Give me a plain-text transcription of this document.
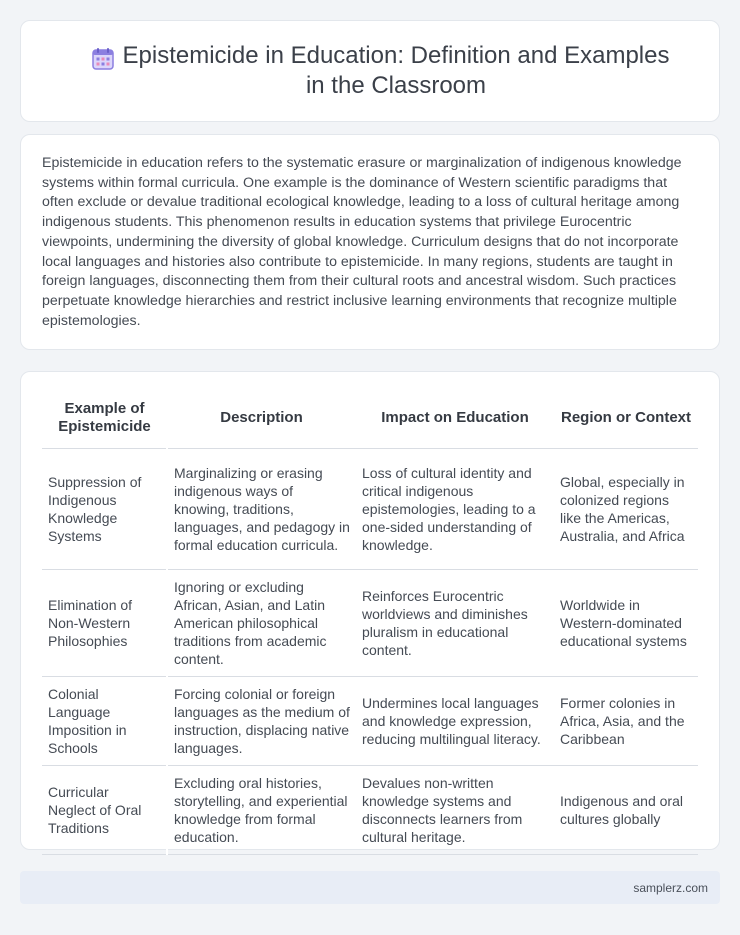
Epistemicide in Education: Definition and Examples in the Classroom

Epistemicide in education refers to the systematic erasure or marginalization of indigenous knowledge systems within formal curricula. One example is the dominance of Western scientific paradigms that often exclude or devalue traditional ecological knowledge, leading to a loss of cultural heritage among indigenous students. This phenomenon results in education systems that privilege Eurocentric viewpoints, undermining the diversity of global knowledge. Curriculum designs that do not incorporate local languages and histories also contribute to epistemicide. In many regions, students are taught in foreign languages, disconnecting them from their cultural roots and ancestral wisdom. Such practices perpetuate knowledge hierarchies and restrict inclusive learning environments that recognize multiple epistemologies.

Example of Epistemicide	Description	Impact on Education	Region or Context
Suppression of Indigenous Knowledge Systems	Marginalizing or erasing indigenous ways of knowing, traditions, languages, and pedagogy in formal education curricula.	Loss of cultural identity and critical indigenous epistemologies, leading to a one-sided understanding of knowledge.	Global, especially in colonized regions like the Americas, Australia, and Africa
Elimination of Non-Western Philosophies	Ignoring or excluding African, Asian, and Latin American philosophical traditions from academic content.	Reinforces Eurocentric worldviews and diminishes pluralism in educational content.	Worldwide in Western-dominated educational systems
Colonial Language Imposition in Schools	Forcing colonial or foreign languages as the medium of instruction, displacing native languages.	Undermines local languages and knowledge expression, reducing multilingual literacy.	Former colonies in Africa, Asia, and the Caribbean
Curricular Neglect of Oral Traditions	Excluding oral histories, storytelling, and experiential knowledge from formal education.	Devalues non-written knowledge systems and disconnects learners from cultural heritage.	Indigenous and oral cultures globally
samplerz.com
